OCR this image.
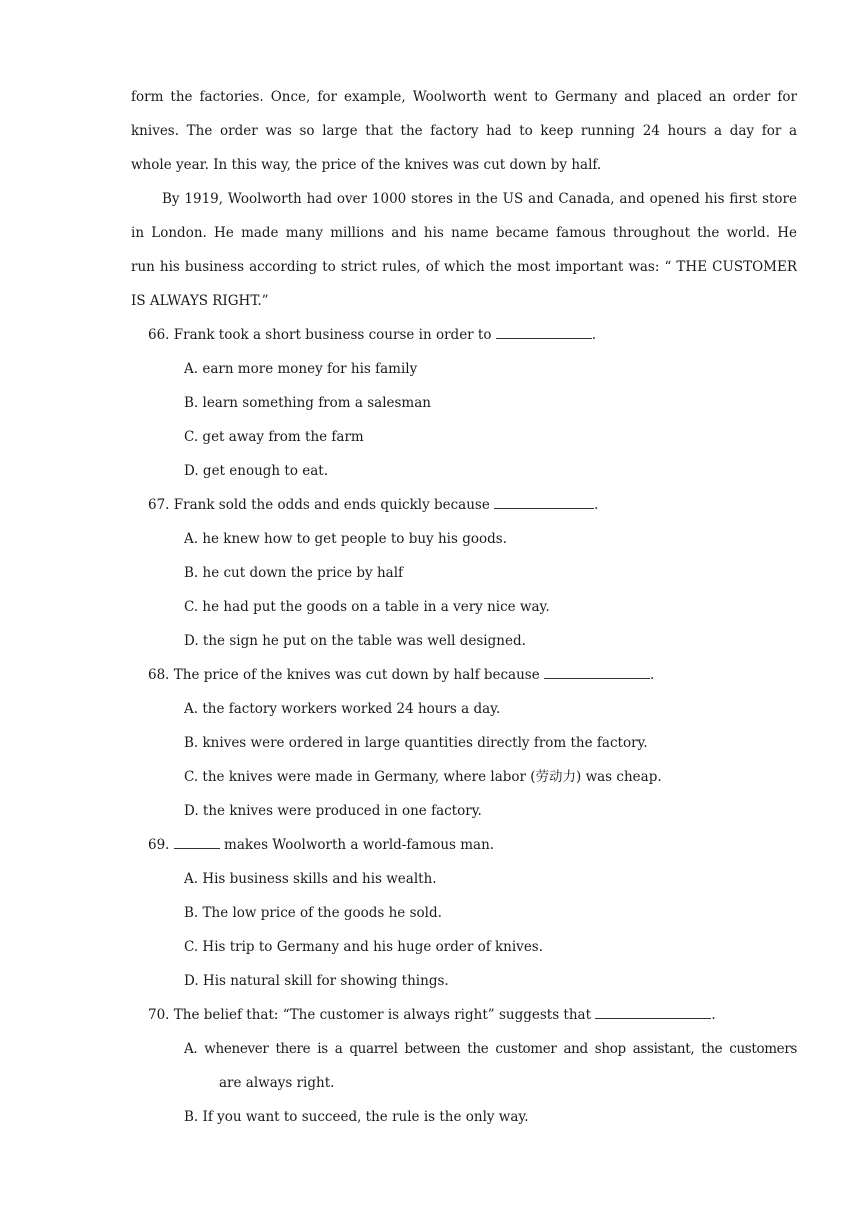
form the factories. Once, for example, Woolworth went to Germany and placed an order for
knives. The order was so large that the factory had to keep running 24 hours a day for a
whole year. In this way, the price of the knives was cut down by half.
By 1919, Woolworth had over 1000 stores in the US and Canada, and opened his first store
in London. He made many millions and his name became famous throughout the world. He
run his business according to strict rules, of which the most important was: “ THE CUSTOMER
IS ALWAYS RIGHT.”
66. Frank took a short business course in order to	.
A. earn more money for his family
B. learn something from a salesman
C. get away from the farm
D. get enough to eat.
67. Frank sold the odds and ends quickly because	.
A. he knew how to get people to buy his goods.
B. he cut down the price by half
C. he had put the goods on a table in a very nice way.
D. the sign he put on the table was well designed.
68. The price of the knives was cut down by half because	.
A. the factory workers worked 24 hours a day.
B. knives were ordered in large quantities directly from the factory.
C. the knives were made in Germany, where labor (劳动力) was cheap.
D. the knives were produced in one factory.
69.	makes Woolworth a world-famous man.
A. His business skills and his wealth.
B. The low price of the goods he sold.
C. His trip to Germany and his huge order of knives.
D. His natural skill for showing things.
70. The belief that: “The customer is always right” suggests that	.
A. whenever there is a quarrel between the customer and shop assistant, the customers
are always right.
B. If you want to succeed, the rule is the only way.
